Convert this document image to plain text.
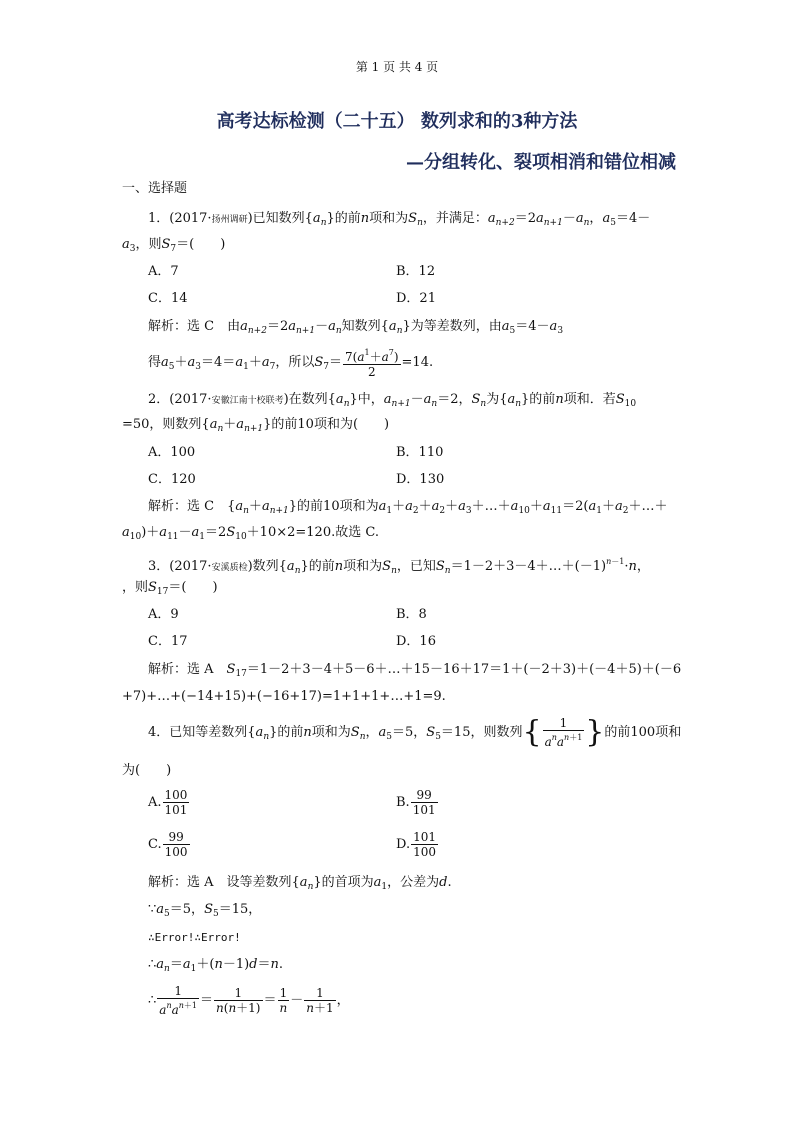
第 1 页 共 4 页
高考达标检测（二十五） 数列求和的3种方法
—分组转化、裂项相消和错位相减
一、选择题
1．(2017·扬州调研)已知数列$\{a_n\}$的前n项和为$S_n$，并满足：$a_{n+2}=2a_{n+1}-a_n$，$a_5=4-$
$a_3$，则$S_7=$(　　)
A．7	B．12
C．14	D．21
解析：选 C　由$a_{n+2}=2a_{n+1}-a_n$知数列$\{a_n\}$为等差数列，由$a_5=4-a_3$
得$a_5+a_3=4=a_1+a_7$，所以$S_7= \frac{7(a^1+a^7)}{2} =14$.
2．(2017·安徽江南十校联考)在数列$\{a_n\}$中，$a_{n+1}-a_n=2$，$S_n$为$\{a_n\}$的前n项和．若$S_{10}$
=50，则数列$\{a_n+a_{n+1}\}$的前10项和为(　　)
A．100	B．110
C．120	D．130
解析：选 C　$\{a_n+a_{n+1}\}$的前10项和为$a_1+a_2+a_2+a_3+\dots+a_{10}+a_{11}=2(a_1+a_2+\dots+$
$a_{10})+a_{11}-a_1=2S_{10}+10\times 2=120$.故选 C.
3．(2017·安溪质检)数列$\{a_n\}$的前n项和为$S_n$，已知$S_n=1-2+3-4+\dots+(-1)^{n-1}\cdot n$，
，则$S_{17}=$(　　)
A．9	B．8
C．17	D．16
解析：选 A　$S_{17}=1-2+3-4+5-6+\dots+15-16+17=1+(-2+3)+(-4+5)+(-6$
+7)+…+(−14+15)+(−16+17)=1+1+1+…+1=9.
4．已知等差数列$\{a_n\}$的前n项和为$S_n$，$a_5=5$，$S_5=15$，则数列{ $\frac{1}{a^na^{n+1}}$ }的前100项和
为(　　)
A. $\frac{100}{101}$	B. $\frac{99}{101}$
C. $\frac{99}{100}$	D. $\frac{101}{100}$
解析：选 A　设等差数列$\{a_n\}$的首项为$a_1$，公差为d.
$\because a_5=5$，$S_5=15$，
∴Error!∴Error!
$\therefore a_n=a_1+(n-1)d=n$.
∴ $\frac{1}{a^na^{n+1}} = \frac{1}{n(n+1)} = \frac{1}{n} - \frac{1}{n+1}$ ，
